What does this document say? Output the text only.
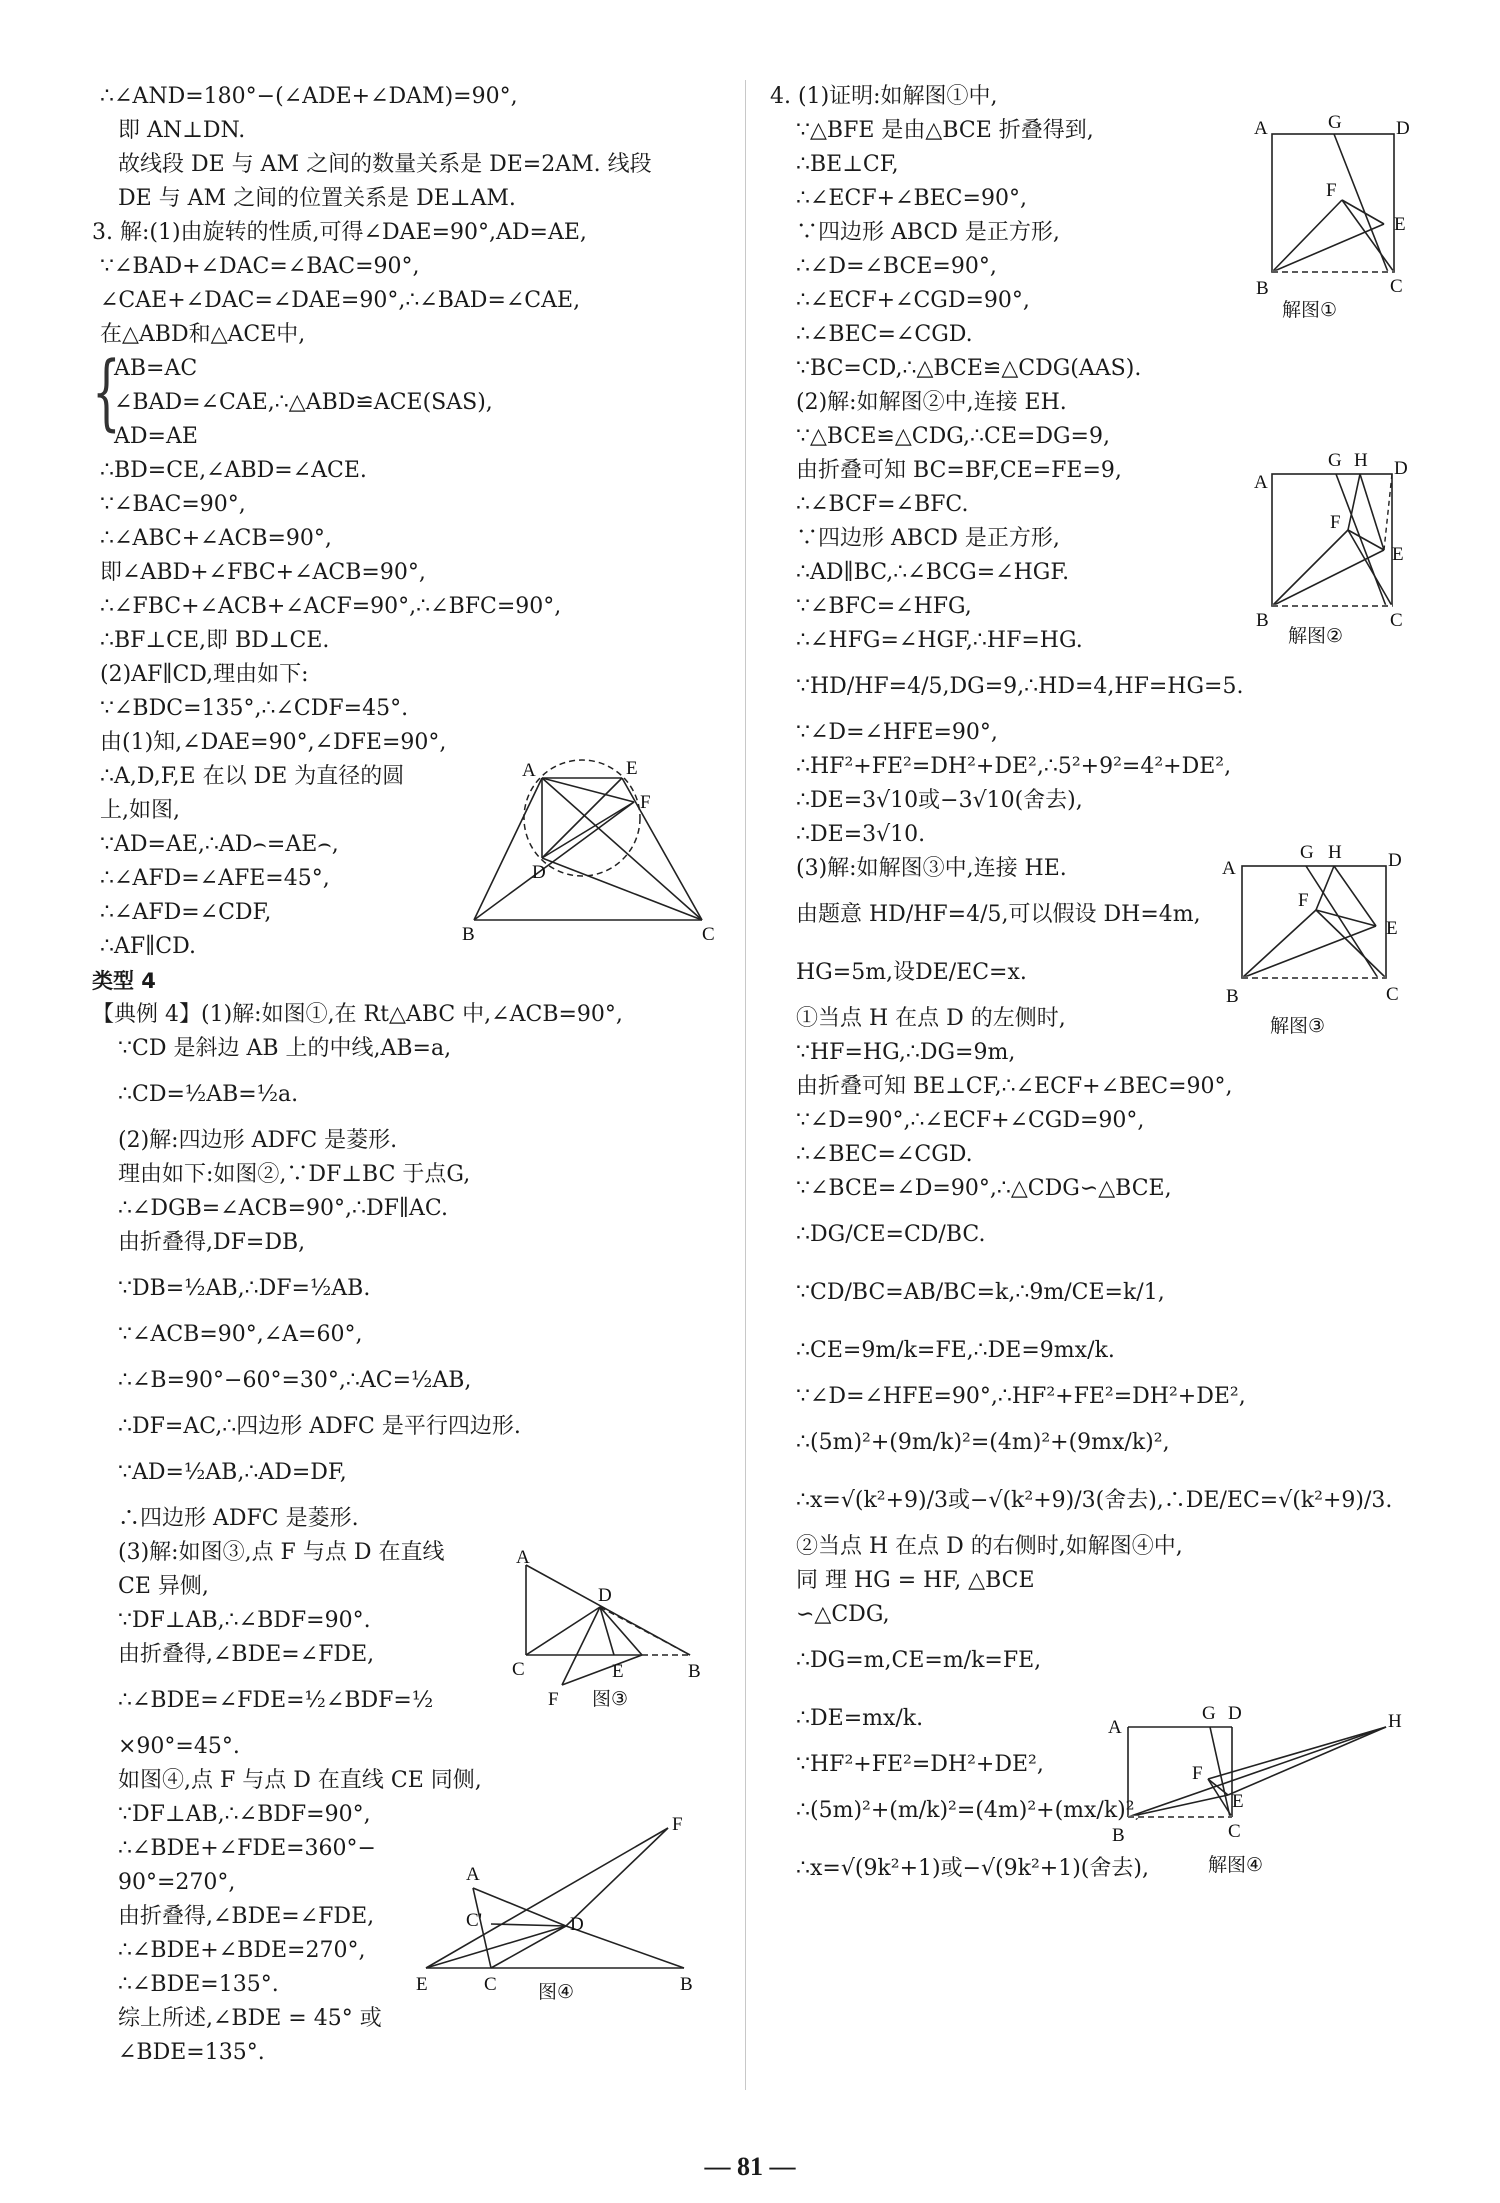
∴∠AND=180°−(∠ADE+∠DAM)=90°,
即 AN⊥DN.
故线段 DE 与 AM 之间的数量关系是 DE=2AM. 线段
DE 与 AM 之间的位置关系是 DE⊥AM.
3. 解:(1)由旋转的性质,可得∠DAE=90°,AD=AE,
∵∠BAD+∠DAC=∠BAC=90°,
∠CAE+∠DAC=∠DAE=90°,∴∠BAD=∠CAE,
在△ABD和△ACE中,
{
AB=AC
∠BAD=∠CAE,∴△ABD≌ACE(SAS),
AD=AE
∴BD=CE,∠ABD=∠ACE.
∵∠BAC=90°,
∴∠ABC+∠ACB=90°,
即∠ABD+∠FBC+∠ACB=90°,
∴∠FBC+∠ACB+∠ACF=90°,∴∠BFC=90°,
∴BF⊥CE,即 BD⊥CE.
(2)AF∥CD,理由如下:
∵∠BDC=135°,∴∠CDF=45°.
由(1)知,∠DAE=90°,∠DFE=90°,
∴A,D,F,E 在以 DE 为直径的圆
上,如图,
∵AD=AE,∴AD⌢=AE⌢,
∴∠AFD=∠AFE=45°,
∴∠AFD=∠CDF,
∴AF∥CD.
类型 4
【典例 4】(1)解:如图①,在 Rt△ABC 中,∠ACB=90°,
∵CD 是斜边 AB 上的中线,AB=a,
∴CD=½AB=½a.
(2)解:四边形 ADFC 是菱形.
理由如下:如图②,∵DF⊥BC 于点G,
∴∠DGB=∠ACB=90°,∴DF∥AC.
由折叠得,DF=DB,
∵DB=½AB,∴DF=½AB.
∵∠ACB=90°,∠A=60°,
∴∠B=90°−60°=30°,∴AC=½AB,
∴DF=AC,∴四边形 ADFC 是平行四边形.
∵AD=½AB,∴AD=DF,
∴四边形 ADFC 是菱形.
(3)解:如图③,点 F 与点 D 在直线
CE 异侧,
∵DF⊥AB,∴∠BDF=90°.
由折叠得,∠BDE=∠FDE,
∴∠BDE=∠FDE=½∠BDF=½
×90°=45°.
如图④,点 F 与点 D 在直线 CE 同侧,
∵DF⊥AB,∴∠BDF=90°,
∴∠BDE+∠FDE=360°−
90°=270°,
由折叠得,∠BDE=∠FDE,
∴∠BDE+∠BDE=270°,
∴∠BDE=135°.
综上所述,∠BDE = 45° 或
∠BDE=135°.
A	E
F
D
B	C
A
D
C	E	B
F 图③
A
F
C'	D
E	C	B
图④
4. (1)证明:如解图①中,
∵△BFE 是由△BCE 折叠得到,
∴BE⊥CF,
∴∠ECF+∠BEC=90°,
∵四边形 ABCD 是正方形,
∴∠D=∠BCE=90°,
∴∠ECF+∠CGD=90°,
∴∠BEC=∠CGD.
∵BC=CD,∴△BCE≌△CDG(AAS).
(2)解:如解图②中,连接 EH.
∵△BCE≌△CDG,∴CE=DG=9,
由折叠可知 BC=BF,CE=FE=9,
∴∠BCF=∠BFC.
∵四边形 ABCD 是正方形,
∴AD∥BC,∴∠BCG=∠HGF.
∵∠BFC=∠HFG,
∴∠HFG=∠HGF,∴HF=HG.
∵HD/HF=4/5,DG=9,∴HD=4,HF=HG=5.
∵∠D=∠HFE=90°,
∴HF²+FE²=DH²+DE²,∴5²+9²=4²+DE²,
∴DE=3√10或−3√10(舍去),
∴DE=3√10.
(3)解:如解图③中,连接 HE.
由题意 HD/HF=4/5,可以假设 DH=4m,
HG=5m,设DE/EC=x.
①当点 H 在点 D 的左侧时,
∵HF=HG,∴DG=9m,
由折叠可知 BE⊥CF,∴∠ECF+∠BEC=90°,
∵∠D=90°,∴∠ECF+∠CGD=90°,
∴∠BEC=∠CGD.
∵∠BCE=∠D=90°,∴△CDG∽△BCE,
∴DG/CE=CD/BC.
∵CD/BC=AB/BC=k,∴9m/CE=k/1,
∴CE=9m/k=FE,∴DE=9mx/k.
∵∠D=∠HFE=90°,∴HF²+FE²=DH²+DE²,
∴(5m)²+(9m/k)²=(4m)²+(9mx/k)²,
∴x=√(k²+9)/3或−√(k²+9)/3(舍去),∴DE/EC=√(k²+9)/3.
②当点 H 在点 D 的右侧时,如解图④中,
同 理 HG = HF, △BCE
∽△CDG,
∴DG=m,CE=m/k=FE,
∴DE=mx/k.
∵HF²+FE²=DH²+DE²,
∴(5m)²+(m/k)²=(4m)²+(mx/k)²,
∴x=√(9k²+1)或−√(9k²+1)(舍去),
A	G	D
F
E
B	C
解图①
G H D
A
F
E
B	C
解图②
A
G H D
F
E
B	C
解图③
G D
A	H
F
E
B	C
解图④
— 81 —
